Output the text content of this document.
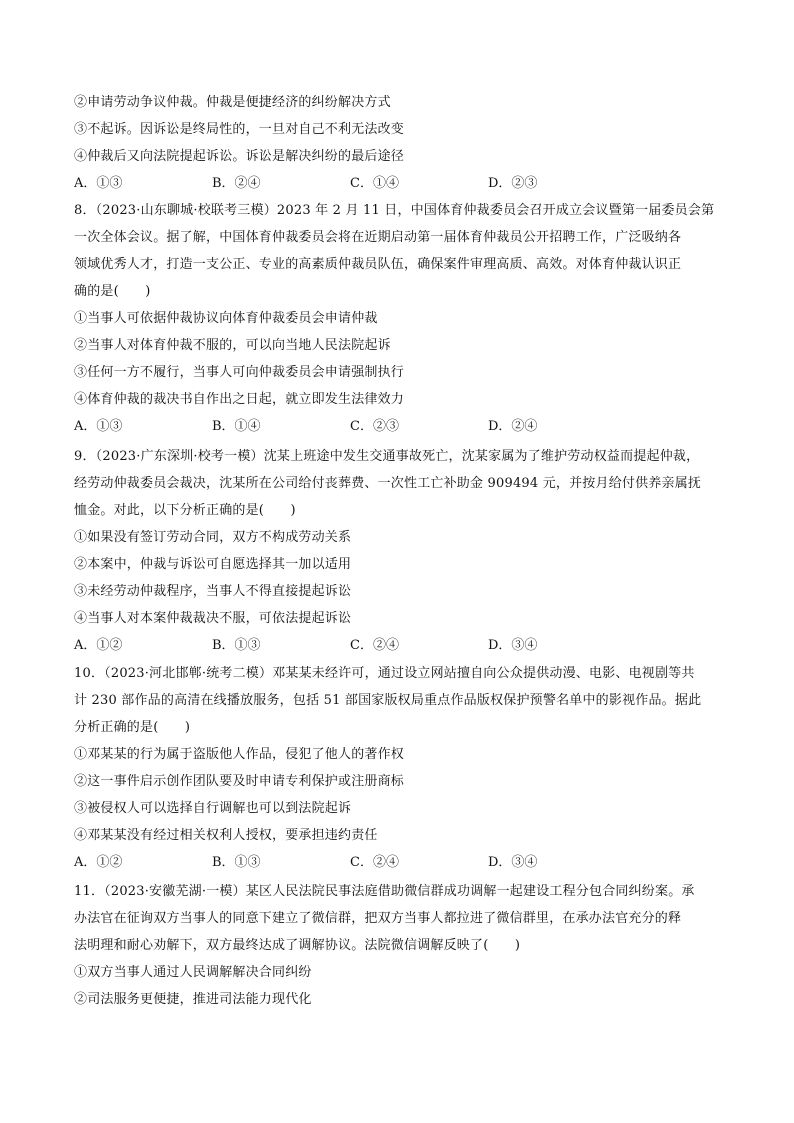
②申请劳动争议仲裁。仲裁是便捷经济的纠纷解决方式
③不起诉。因诉讼是终局性的，一旦对自己不利无法改变
④仲裁后又向法院提起诉讼。诉讼是解决纠纷的最后途径
A．①③	B．②④	C．①④	D．②③
8．（2023·山东聊城·校联考三模）2023 年 2 月 11 日，中国体育仲裁委员会召开成立会议暨第一届委员会第
一次全体会议。据了解，中国体育仲裁委员会将在近期启动第一届体育仲裁员公开招聘工作，广泛吸纳各
领域优秀人才，打造一支公正、专业的高素质仲裁员队伍，确保案件审理高质、高效。对体育仲裁认识正
确的是(　　)
①当事人可依据仲裁协议向体育仲裁委员会申请仲裁
②当事人对体育仲裁不服的，可以向当地人民法院起诉
③任何一方不履行，当事人可向仲裁委员会申请强制执行
④体育仲裁的裁决书自作出之日起，就立即发生法律效力
A．①③	B．①④	C．②③	D．②④
9．（2023·广东深圳·校考一模）沈某上班途中发生交通事故死亡，沈某家属为了维护劳动权益而提起仲裁，
经劳动仲裁委员会裁决，沈某所在公司给付丧葬费、一次性工亡补助金 909494 元，并按月给付供养亲属抚
恤金。对此，以下分析正确的是(　　)
①如果没有签订劳动合同，双方不构成劳动关系
②本案中，仲裁与诉讼可自愿选择其一加以适用
③未经劳动仲裁程序，当事人不得直接提起诉讼
④当事人对本案仲裁裁决不服，可依法提起诉讼
A．①②	B．①③	C．②④	D．③④
10．（2023·河北邯郸·统考二模）邓某某未经许可，通过设立网站擅自向公众提供动漫、电影、电视剧等共
计 230 部作品的高清在线播放服务，包括 51 部国家版权局重点作品版权保护预警名单中的影视作品。据此
分析正确的是(　　)
①邓某某的行为属于盗版他人作品，侵犯了他人的著作权
②这一事件启示创作团队要及时申请专利保护或注册商标
③被侵权人可以选择自行调解也可以到法院起诉
④邓某某没有经过相关权利人授权，要承担违约责任
A．①②	B．①③	C．②④	D．③④
11．（2023·安徽芜湖·一模）某区人民法院民事法庭借助微信群成功调解一起建设工程分包合同纠纷案。承
办法官在征询双方当事人的同意下建立了微信群，把双方当事人都拉进了微信群里，在承办法官充分的释
法明理和耐心劝解下，双方最终达成了调解协议。法院微信调解反映了(　　)
①双方当事人通过人民调解解决合同纠纷
②司法服务更便捷，推进司法能力现代化
